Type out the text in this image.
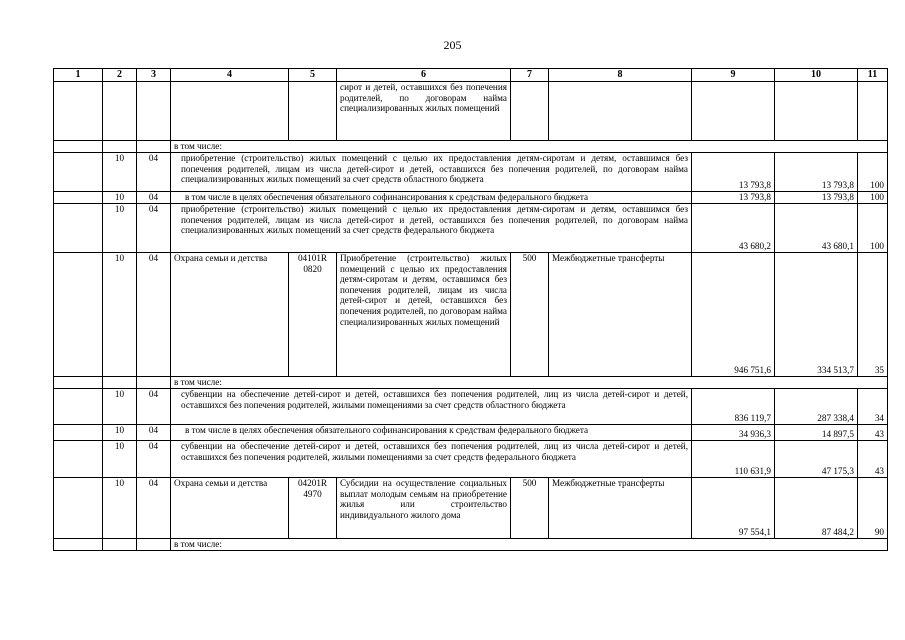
205
1	2	3	4	5	6	7	8	9	10	11
					сирот и детей, оставшихся без попечения родителей, по договорам найма специализированных жилых помещений					
			в том числе:							
	10	04	приобретение (строительство) жилых помещений с целью их предоставления детям-сиротам и детям, оставшимся без попечения родителей, лицам из числа детей-сирот и детей, оставшихся без попечения родителей, по договорам найма специализированных жилых помещений за счет средств областного бюджета					13 793,8	13 793,8	100
	10	04	в том числе в целях обеспечения обязательного софинансирования к средствам федерального бюджета					13 793,8	13 793,8	100
	10	04	приобретение (строительство) жилых помещений с целью их предоставления детям-сиротам и детям, оставшимся без попечения родителей, лицам из числа детей-сирот и детей, оставшихся без попечения родителей, по договорам найма специализированных жилых помещений за счет средств федерального бюджета					43 680,2	43 680,1	100
	10	04	Охрана семьи и детства	04101R 0820	Приобретение (строительство) жилых помещений с целью их предоставления детям-сиротам и детям, оставшимся без попечения родителей, лицам из числа детей-сирот и детей, оставшихся без попечения родителей, по договорам найма специализированных жилых помещений	500	Межбюджетные трансферты	946 751,6	334 513,7	35
			в том числе:							
	10	04	субвенции на обеспечение детей-сирот и детей, оставшихся без попечения родителей, лиц из числа детей-сирот и детей, оставшихся без попечения родителей, жилыми помещениями за счет средств областного бюджета					836 119,7	287 338,4	34
	10	04	в том числе в целях обеспечения обязательного софинансирования к средствам федерального бюджета					34 936,3	14 897,5	43
	10	04	субвенции на обеспечение детей-сирот и детей, оставшихся без попечения родителей, лиц из числа детей-сирот и детей, оставшихся без попечения родителей, жилыми помещениями за счет средств федерального бюджета					110 631,9	47 175,3	43
	10	04	Охрана семьи и детства	04201R 4970	Субсидии на осуществление социальных выплат молодым семьям на приобретение жилья или строительство индивидуального жилого дома	500	Межбюджетные трансферты	97 554,1	87 484,2	90
			в том числе:							
